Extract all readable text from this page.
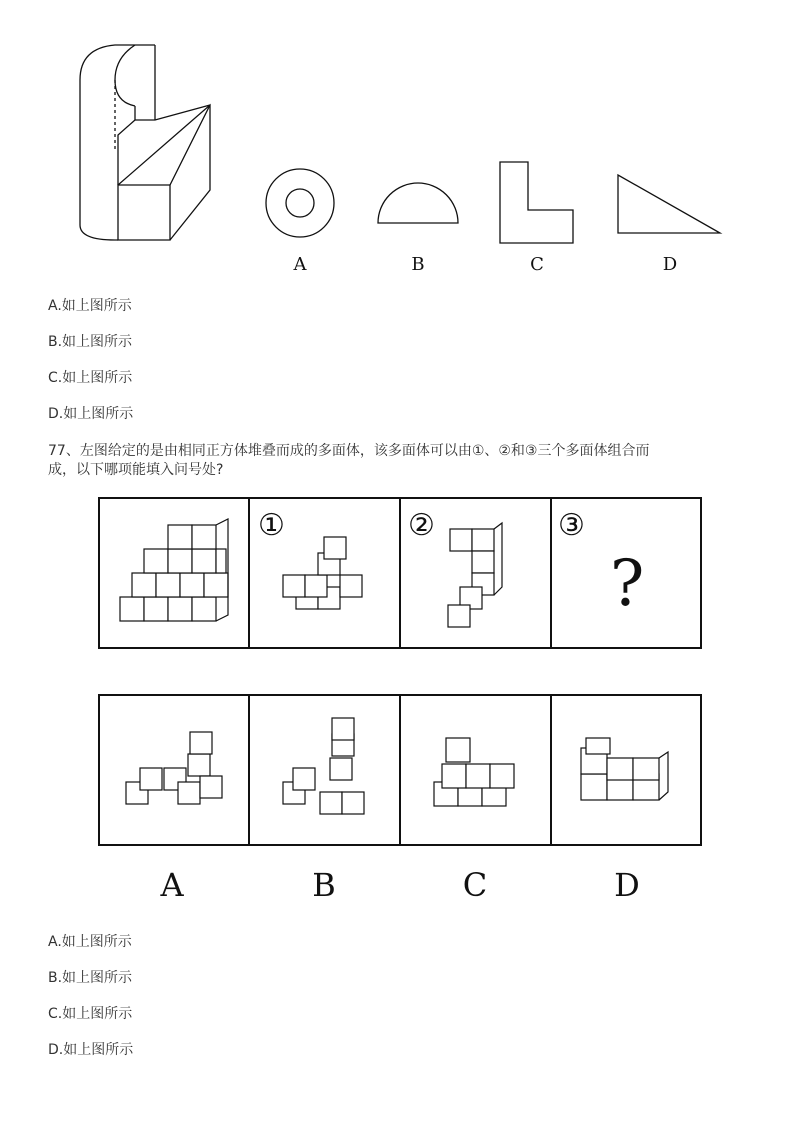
A	B	C	D
A.如上图所示
B.如上图所示
C.如上图所示
D.如上图所示
77、左图给定的是由相同正方体堆叠而成的多面体，该多面体可以由①、②和③三个多面体组合而
成，以下哪项能填入问号处?
①	②	③
?
A	B	C	D
A.如上图所示
B.如上图所示
C.如上图所示
D.如上图所示
